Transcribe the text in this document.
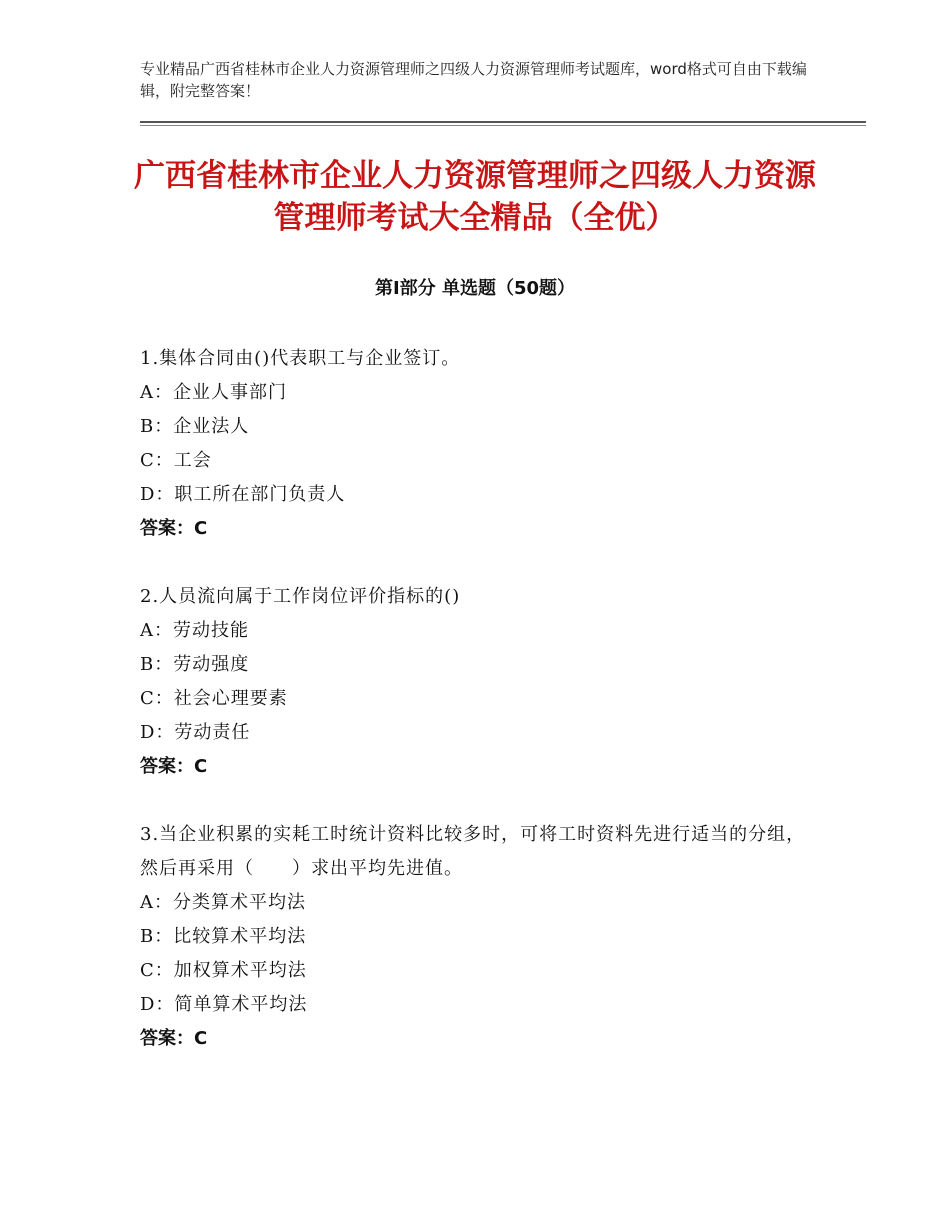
专业精品广西省桂林市企业人力资源管理师之四级人力资源管理师考试题库，word格式可自由下载编辑，附完整答案！
广西省桂林市企业人力资源管理师之四级人力资源管理师考试大全精品（全优）
第Ⅰ部分 单选题（50题）
1.集体合同由()代表职工与企业签订。
A：企业人事部门
B：企业法人
C：工会
D：职工所在部门负责人
答案：C
2.人员流向属于工作岗位评价指标的()
A：劳动技能
B：劳动强度
C：社会心理要素
D：劳动责任
答案：C
3.当企业积累的实耗工时统计资料比较多时，可将工时资料先进行适当的分组，然后再采用（　　）求出平均先进值。
A：分类算术平均法
B：比较算术平均法
C：加权算术平均法
D：简单算术平均法
答案：C
